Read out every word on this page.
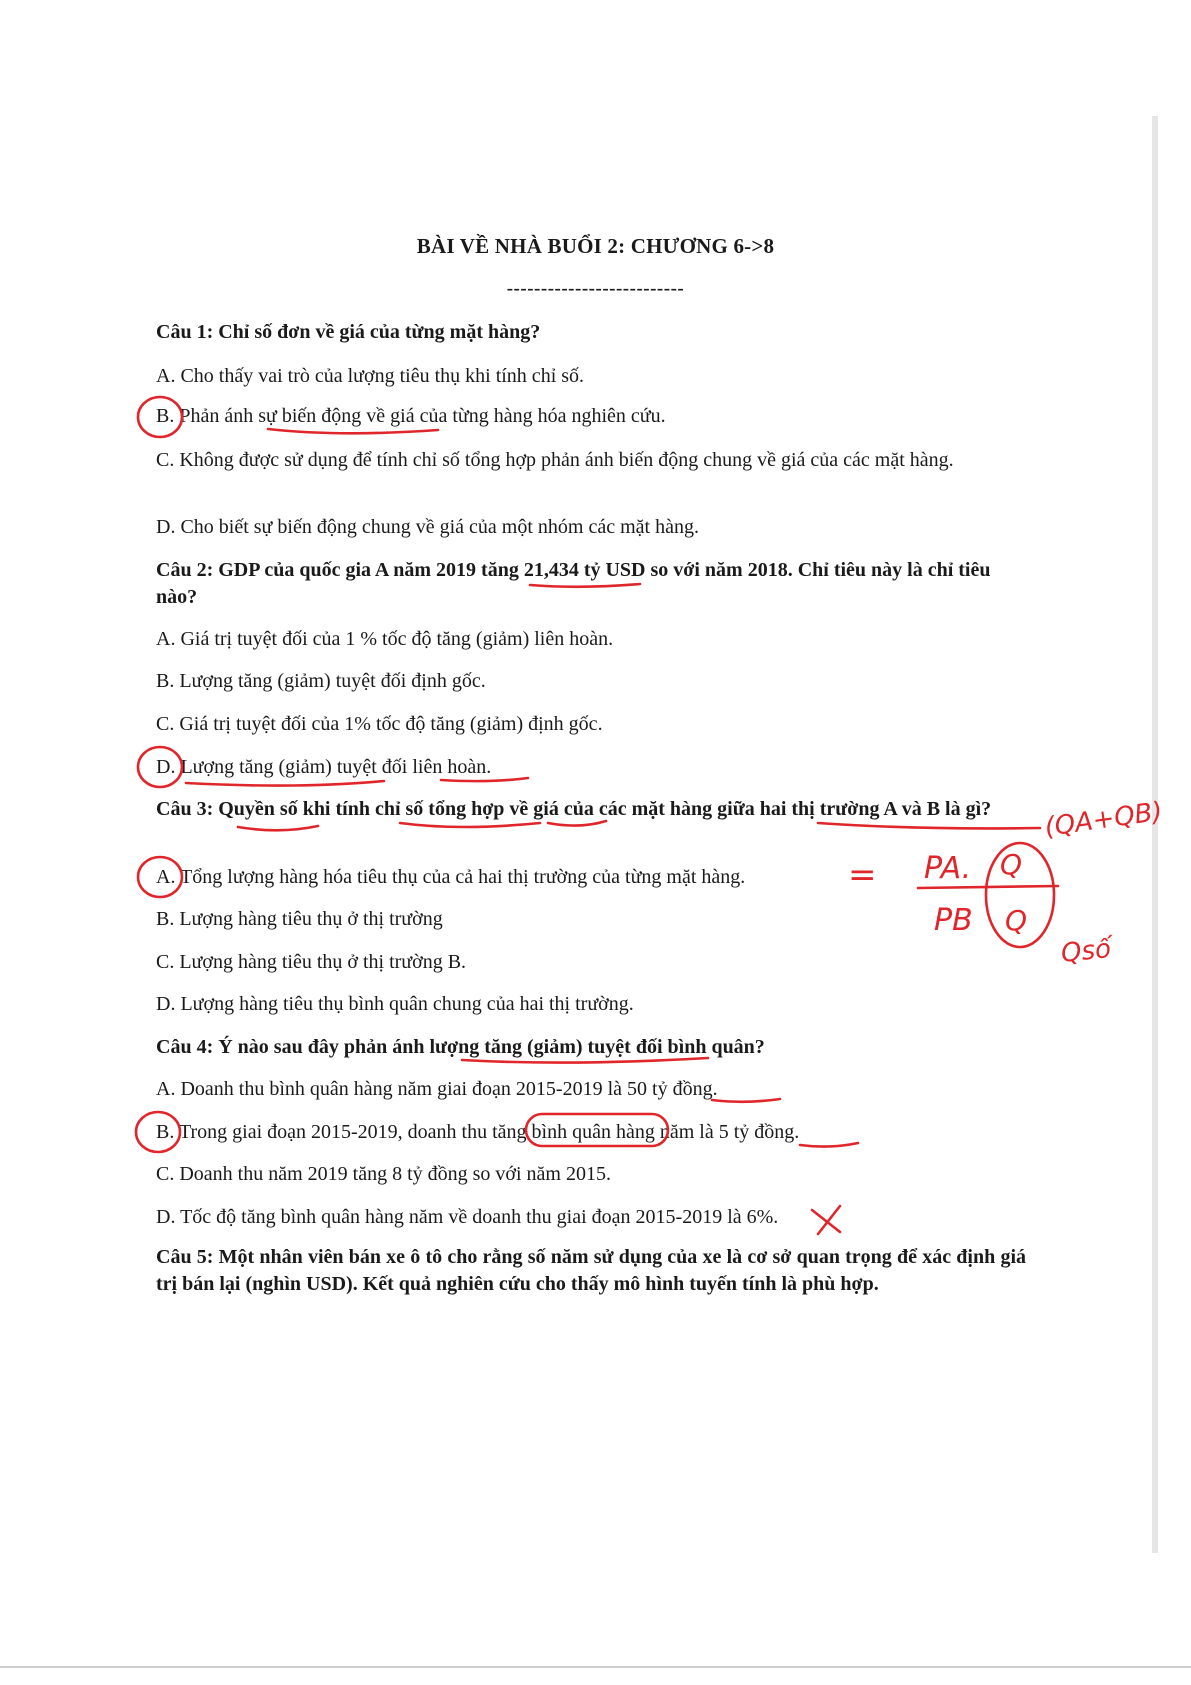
BÀI VỀ NHÀ BUỔI 2: CHƯƠNG 6->8
--------------------------
Câu 1: Chỉ số đơn về giá của từng mặt hàng?
A. Cho thấy vai trò của lượng tiêu thụ khi tính chỉ số.
B. Phản ánh sự biến động về giá của từng hàng hóa nghiên cứu.
C. Không được sử dụng để tính chỉ số tổng hợp phản ánh biến động chung về giá của các mặt hàng.
D. Cho biết sự biến động chung về giá của một nhóm các mặt hàng.
Câu 2: GDP của quốc gia A năm 2019 tăng 21,434 tỷ USD so với năm 2018. Chỉ tiêu này là chỉ tiêu nào?
A. Giá trị tuyệt đối của 1 % tốc độ tăng (giảm) liên hoàn.
B. Lượng tăng (giảm) tuyệt đối định gốc.
C. Giá trị tuyệt đối của 1% tốc độ tăng (giảm) định gốc.
D. Lượng tăng (giảm) tuyệt đối liên hoàn.
Câu 3: Quyền số khi tính chỉ số tổng hợp về giá của các mặt hàng giữa hai thị trường A và B là gì?
A. Tổng lượng hàng hóa tiêu thụ của cả hai thị trường của từng mặt hàng.
B. Lượng hàng tiêu thụ ở thị trường
C. Lượng hàng tiêu thụ ở thị trường B.
D. Lượng hàng tiêu thụ bình quân chung của hai thị trường.
Câu 4: Ý nào sau đây phản ánh lượng tăng (giảm) tuyệt đối bình quân?
A. Doanh thu bình quân hàng năm giai đoạn 2015-2019 là 50 tỷ đồng.
B. Trong giai đoạn 2015-2019, doanh thu tăng bình quân hàng năm là 5 tỷ đồng.
C. Doanh thu năm 2019 tăng 8 tỷ đồng so với năm 2015.
D. Tốc độ tăng bình quân hàng năm về doanh thu giai đoạn 2015-2019 là 6%.
Câu 5: Một nhân viên bán xe ô tô cho rằng số năm sử dụng của xe là cơ sở quan trọng để xác định giá trị bán lại (nghìn USD). Kết quả nghiên cứu cho thấy mô hình tuyến tính là phù hợp.
(QA+QB)
= PA.
PB
Q
Q
Qsố
